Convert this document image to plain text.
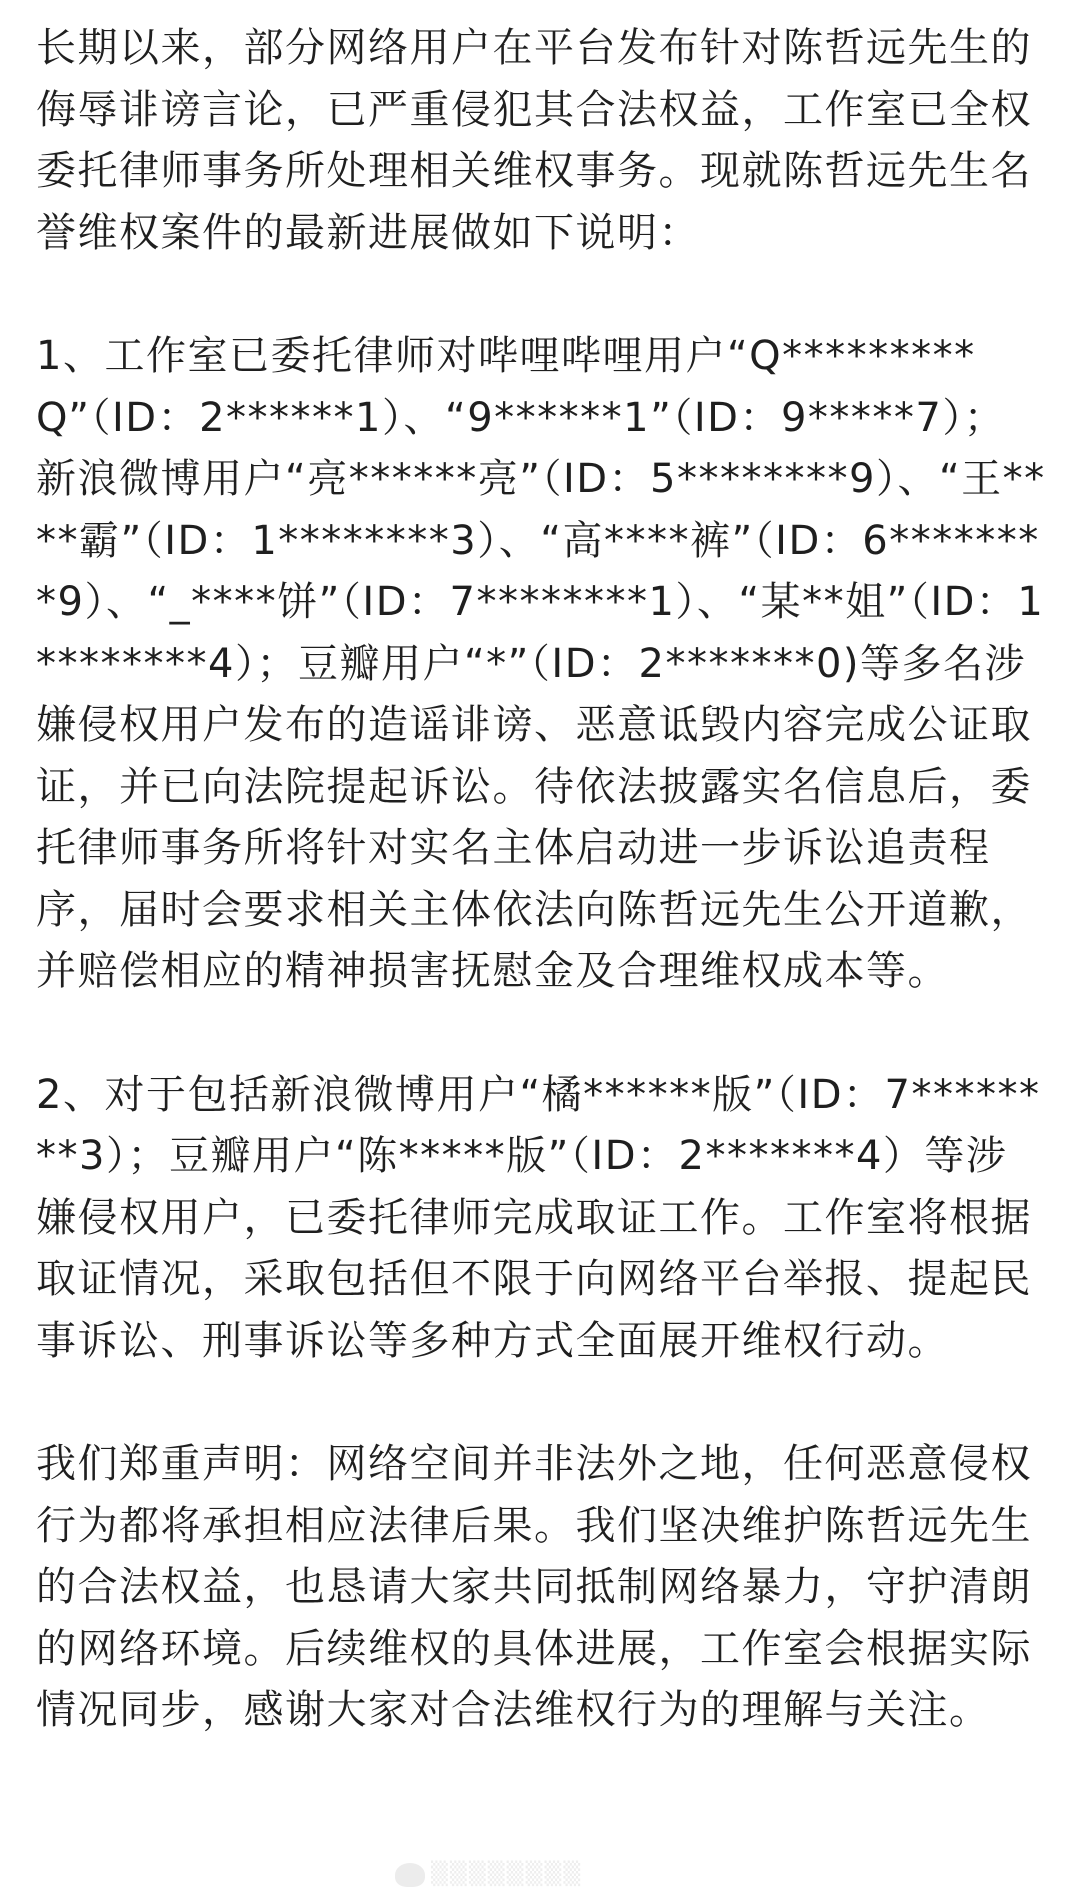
长期以来，部分网络用户在平台发布针对陈哲远先生的侮辱诽谤言论，已严重侵犯其合法权益，工作室已全权委托律师事务所处理相关维权事务。现就陈哲远先生名誉维权案件的最新进展做如下说明：

1、工作室已委托律师对哔哩哔哩用户“Q*********Q”（ID：2******1）、“9******1”（ID：9*****7）；新浪微博用户“亮******亮”（ID：5********9）、“王****霸”（ID：1********3）、“高****裤”（ID：6********9）、“_****饼”（ID：7********1）、“某**姐”（ID：1********4）；豆瓣用户“*”（ID：2*******0)等多名涉嫌侵权用户发布的造谣诽谤、恶意诋毁内容完成公证取证，并已向法院提起诉讼。待依法披露实名信息后，委托律师事务所将针对实名主体启动进一步诉讼追责程序，届时会要求相关主体依法向陈哲远先生公开道歉，并赔偿相应的精神损害抚慰金及合理维权成本等。

2、对于包括新浪微博用户“橘******版”（ID：7********3）；豆瓣用户“陈*****版”（ID：2*******4）等涉嫌侵权用户，已委托律师完成取证工作。工作室将根据取证情况，采取包括但不限于向网络平台举报、提起民事诉讼、刑事诉讼等多种方式全面展开维权行动。

我们郑重声明：网络空间并非法外之地，任何恶意侵权行为都将承担相应法律后果。我们坚决维护陈哲远先生的合法权益，也恳请大家共同抵制网络暴力，守护清朗的网络环境。后续维权的具体进展，工作室会根据实际情况同步，感谢大家对合法维权行为的理解与关注。

▒▒▒▒▒▒▒▒
